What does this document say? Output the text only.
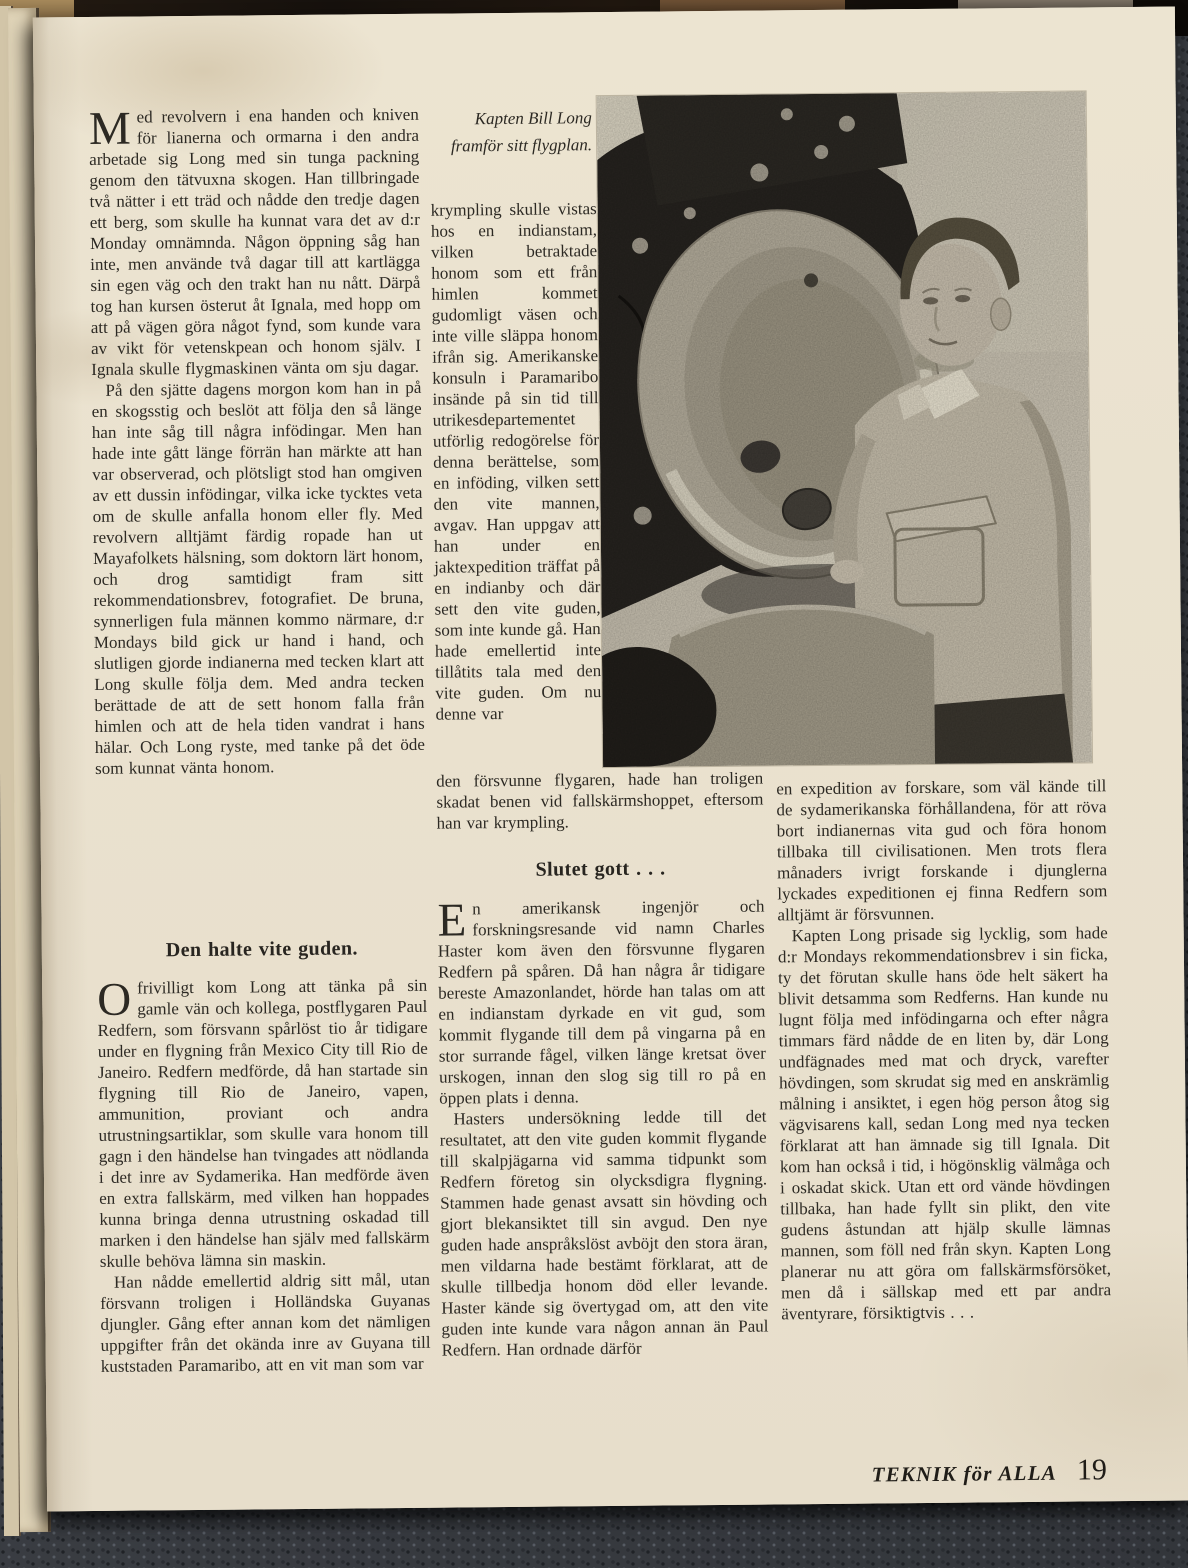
Med revolvern i ena handen och kniven för lianerna och ormarna i den andra arbetade sig Long med sin tunga packning genom den tätvuxna skogen. Han tillbringade två nätter i ett träd och nådde den tredje dagen ett berg, som skulle ha kunnat vara det av d:r Monday omnämnda. Någon öppning såg han inte, men använde två dagar till att kartlägga sin egen väg och den trakt han nu nått. Därpå tog han kursen österut åt Ignala, med hopp om att på vägen göra något fynd, som kunde vara av vikt för vetenskpean och honom själv. I Ignala skulle flygmaskinen vänta om sju dagar.

På den sjätte dagens morgon kom han in på en skogsstig och beslöt att följa den så länge han inte såg till några infödingar. Men han hade inte gått länge förrän han märkte att han var observerad, och plötsligt stod han omgiven av ett dussin infödingar, vilka icke tycktes veta om de skulle anfalla honom eller fly. Med revolvern alltjämt färdig ropade han ut Mayafolkets hälsning, som doktorn lärt honom, och drog samtidigt fram sitt rekommendationsbrev, fotografiet. De bruna, synnerligen fula männen kommo närmare, d:r Mondays bild gick ur hand i hand, och slutligen gjorde indianerna med tecken klart att Long skulle följa dem. Med andra tecken berättade de att de sett honom falla från himlen och att de hela tiden vandrat i hans hälar. Och Long ryste, med tanke på det öde som kunnat vänta honom.

Den halte vite guden.

Ofrivilligt kom Long att tänka på sin gamle vän och kollega, postflygaren Paul Redfern, som försvann spårlöst tio år tidigare under en flygning från Mexico City till Rio de Janeiro. Redfern medförde, då han startade sin flygning till Rio de Janeiro, vapen, ammunition, proviant och andra utrustningsartiklar, som skulle vara honom till gagn i den händelse han tvingades att nödlanda i det inre av Sydamerika. Han medförde även en extra fallskärm, med vilken han hoppades kunna bringa denna utrustning oskadad till marken i den händelse han själv med fallskärm skulle behöva lämna sin maskin.

Han nådde emellertid aldrig sitt mål, utan försvann troligen i Holländska Guyanas djungler. Gång efter annan kom det nämligen uppgifter från det okända inre av Guyana till kuststaden Paramaribo, att en vit man som var

Kapten Bill Long framför sitt flygplan.

krympling skulle vistas hos en indianstam, vilken betraktade honom som ett från himlen kommet gudomligt väsen och inte ville släppa honom ifrån sig. Amerikanske konsuln i Paramaribo insände på sin tid till utrikesdepartementet utförlig redogörelse för denna berättelse, som en inföding, vilken sett den vite mannen, avgav. Han uppgav att han under en jaktexpedition träffat på en indianby och där sett den vite guden, som inte kunde gå. Han hade emellertid inte tillåtits tala med den vite guden. Om nu denne var

den försvunne flygaren, hade han troligen skadat benen vid fallskärmshoppet, eftersom han var krympling.

Slutet gott . . .

En amerikansk ingenjör och forskningsresande vid namn Charles Haster kom även den försvunne flygaren Redfern på spåren. Då han några år tidigare bereste Amazonlandet, hörde han talas om att en indianstam dyrkade en vit gud, som kommit flygande till dem på vingarna på en stor surrande fågel, vilken länge kretsat över urskogen, innan den slog sig till ro på en öppen plats i denna.

Hasters undersökning ledde till det resultatet, att den vite guden kommit flygande till skalpjägarna vid samma tidpunkt som Redfern företog sin olycksdigra flygning. Stammen hade genast avsatt sin hövding och gjort blekansiktet till sin avgud. Den nye guden hade anspråkslöst avböjt den stora äran, men vildarna hade bestämt förklarat, att de skulle tillbedja honom död eller levande. Haster kände sig övertygad om, att den vite guden inte kunde vara någon annan än Paul Redfern. Han ordnade därför

en expedition av forskare, som väl kände till de sydamerikanska förhållandena, för att röva bort indianernas vita gud och föra honom tillbaka till civilisationen. Men trots flera månaders ivrigt forskande i djunglerna lyckades expeditionen ej finna Redfern som alltjämt är försvunnen.

Kapten Long prisade sig lycklig, som hade d:r Mondays rekommendationsbrev i sin ficka, ty det förutan skulle hans öde helt säkert ha blivit detsamma som Redferns. Han kunde nu lugnt följa med infödingarna och efter några timmars färd nådde de en liten by, där Long undfägnades med mat och dryck, varefter hövdingen, som skrudat sig med en anskrämlig målning i ansiktet, i egen hög person åtog sig vägvisarens kall, sedan Long med nya tecken förklarat att han ämnade sig till Ignala. Dit kom han också i tid, i högönsklig välmåga och i oskadat skick. Utan ett ord vände hövdingen tillbaka, han hade fyllt sin plikt, den vite gudens åstundan att hjälp skulle lämnas mannen, som föll ned från skyn. Kapten Long planerar nu att göra om fallskärmsförsöket, men då i sällskap med ett par andra äventyrare, försiktigtvis . . .

TEKNIK för ALLA 19
